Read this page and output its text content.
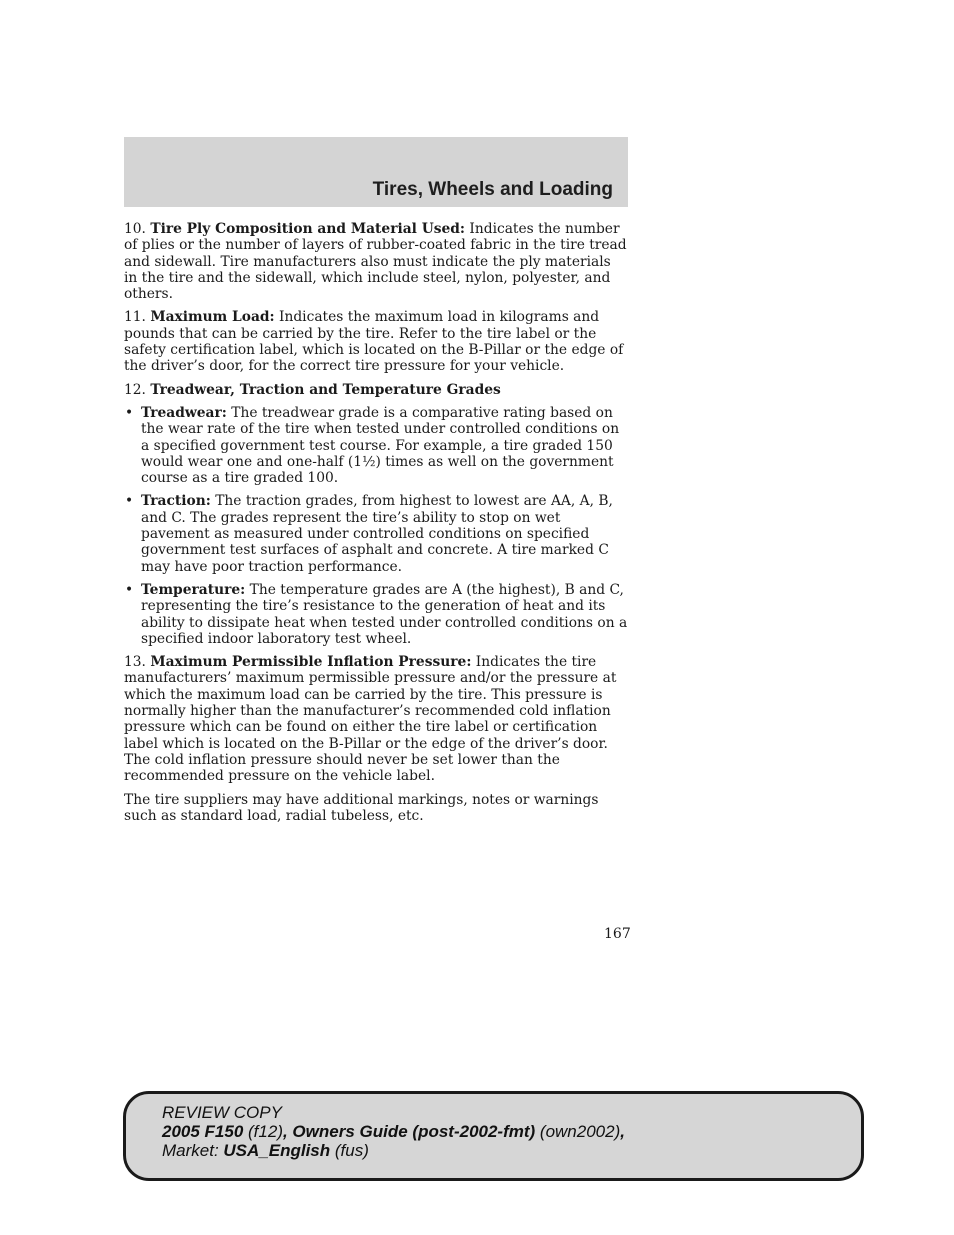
Tires, Wheels and Loading

10. Tire Ply Composition and Material Used: Indicates the number of plies or the number of layers of rubber-coated fabric in the tire tread and sidewall. Tire manufacturers also must indicate the ply materials in the tire and the sidewall, which include steel, nylon, polyester, and others.

11. Maximum Load: Indicates the maximum load in kilograms and pounds that can be carried by the tire. Refer to the tire label or the safety certification label, which is located on the B-Pillar or the edge of the driver’s door, for the correct tire pressure for your vehicle.

12. Treadwear, Traction and Temperature Grades

• Treadwear: The treadwear grade is a comparative rating based on the wear rate of the tire when tested under controlled conditions on a specified government test course. For example, a tire graded 150 would wear one and one-half (1½) times as well on the government course as a tire graded 100.
• Traction: The traction grades, from highest to lowest are AA, A, B, and C. The grades represent the tire’s ability to stop on wet pavement as measured under controlled conditions on specified government test surfaces of asphalt and concrete. A tire marked C may have poor traction performance.
• Temperature: The temperature grades are A (the highest), B and C, representing the tire’s resistance to the generation of heat and its ability to dissipate heat when tested under controlled conditions on a specified indoor laboratory test wheel.

13. Maximum Permissible Inflation Pressure: Indicates the tire manufacturers’ maximum permissible pressure and/or the pressure at which the maximum load can be carried by the tire. This pressure is normally higher than the manufacturer’s recommended cold inflation pressure which can be found on either the tire label or certification label which is located on the B-Pillar or the edge of the driver’s door. The cold inflation pressure should never be set lower than the recommended pressure on the vehicle label.

The tire suppliers may have additional markings, notes or warnings such as standard load, radial tubeless, etc.

167
REVIEW COPY
2005 F150 (f12), Owners Guide (post-2002-fmt) (own2002),
Market: USA_English (fus)
